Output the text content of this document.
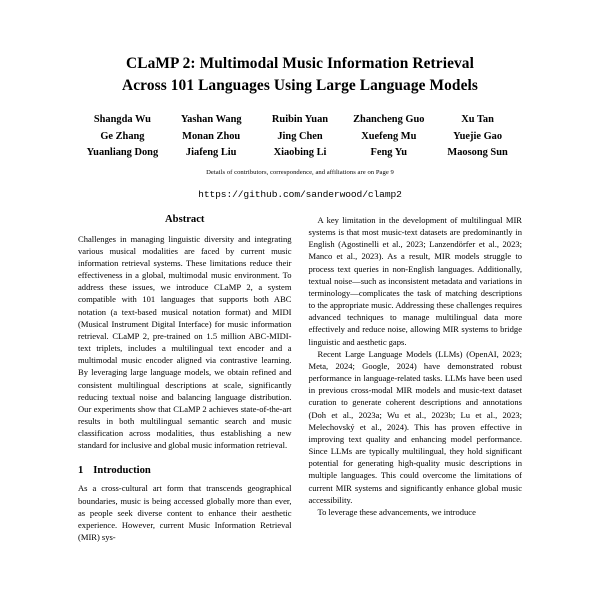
CLaMP 2: Multimodal Music Information Retrieval
Across 101 Languages Using Large Language Models
Shangda Wu	Yashan Wang	Ruibin Yuan	Zhancheng Guo	Xu Tan
Ge Zhang	Monan Zhou	Jing Chen	Xuefeng Mu	Yuejie Gao
Yuanliang Dong	Jiafeng Liu	Xiaobing Li	Feng Yu	Maosong Sun
Details of contributors, correspondence, and affiliations are on Page 9
https://github.com/sanderwood/clamp2
Abstract

Challenges in managing linguistic diversity and integrating various musical modalities are faced by current music information retrieval systems. These limitations reduce their effectiveness in a global, multimodal music environment. To address these issues, we introduce CLaMP 2, a system compatible with 101 languages that supports both ABC notation (a text-based musical notation format) and MIDI (Musical Instrument Digital Interface) for music information retrieval. CLaMP 2, pre-trained on 1.5 million ABC-MIDI-text triplets, includes a multilingual text encoder and a multimodal music encoder aligned via contrastive learning. By leveraging large language models, we obtain refined and consistent multilingual descriptions at scale, significantly reducing textual noise and balancing language distribution. Our experiments show that CLaMP 2 achieves state-of-the-art results in both multilingual semantic search and music classification across modalities, thus establishing a new standard for inclusive and global music information retrieval.

1 Introduction

As a cross-cultural art form that transcends geographical boundaries, music is being accessed globally more than ever, as people seek diverse content to enhance their aesthetic experience. However, current Music Information Retrieval (MIR) sys-

A key limitation in the development of multilingual MIR systems is that most music-text datasets are predominantly in English (Agostinelli et al., 2023; Lanzendörfer et al., 2023; Manco et al., 2023). As a result, MIR models struggle to process text queries in non-English languages. Additionally, textual noise—such as inconsistent metadata and variations in terminology—complicates the task of matching descriptions to the appropriate music. Addressing these challenges requires advanced techniques to manage multilingual data more effectively and reduce noise, allowing MIR systems to bridge linguistic and aesthetic gaps.

Recent Large Language Models (LLMs) (OpenAI, 2023; Meta, 2024; Google, 2024) have demonstrated robust performance in language-related tasks. LLMs have been used in previous cross-modal MIR models and music-text dataset curation to generate coherent descriptions and annotations (Doh et al., 2023a; Wu et al., 2023b; Lu et al., 2023; Melechovský et al., 2024). This has proven effective in improving text quality and enhancing model performance. Since LLMs are typically multilingual, they hold significant potential for generating high-quality music descriptions in multiple languages. This could overcome the limitations of current MIR systems and significantly enhance global music accessibility.

To leverage these advancements, we introduce
